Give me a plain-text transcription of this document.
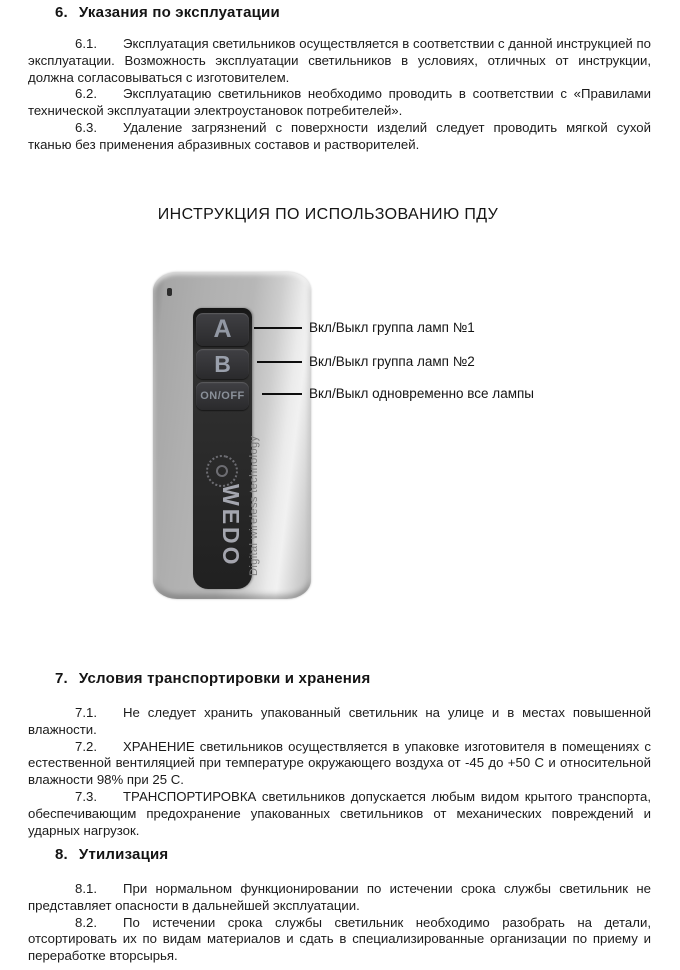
6. Указания по эксплуатации

6.1. Эксплуатация светильников осуществляется в соответствии с данной инструкцией по эксплуатации. Возможность эксплуатации светильников в условиях, отличных от инструкции, должна согласовываться с изготовителем.

6.2. Эксплуатацию светильников необходимо проводить в соответствии с «Правилами технической эксплуатации электроустановок потребителей».

6.3. Удаление загрязнений с поверхности изделий следует проводить мягкой сухой тканью без применения абразивных составов и растворителей.

ИНСТРУКЦИЯ ПО ИСПОЛЬЗОВАНИЮ ПДУ
A
B
ON/OFF
WEDO Digital wireless technology
Вкл/Выкл группа ламп №1
Вкл/Выкл группа ламп №2
Вкл/Выкл одновременно все лампы
7. Условия транспортировки и хранения

7.1. Не следует хранить упакованный светильник на улице и в местах повышенной влажности.

7.2. ХРАНЕНИЕ светильников осуществляется в упаковке изготовителя в помещениях с естественной вентиляцией при температуре окружающего воздуха от -45 до +50 С и относительной влажности 98% при 25 С.

7.3. ТРАНСПОРТИРОВКА светильников допускается любым видом крытого транспорта, обеспечивающим предохранение упакованных светильников от механических повреждений и ударных нагрузок.

8. Утилизация

8.1. При нормальном функционировании по истечении срока службы светильник не представляет опасности в дальнейшей эксплуатации.

8.2. По истечении срока службы светильник необходимо разобрать на детали, отсортировать их по видам материалов и сдать в специализированные организации по приему и переработке вторсырья.
